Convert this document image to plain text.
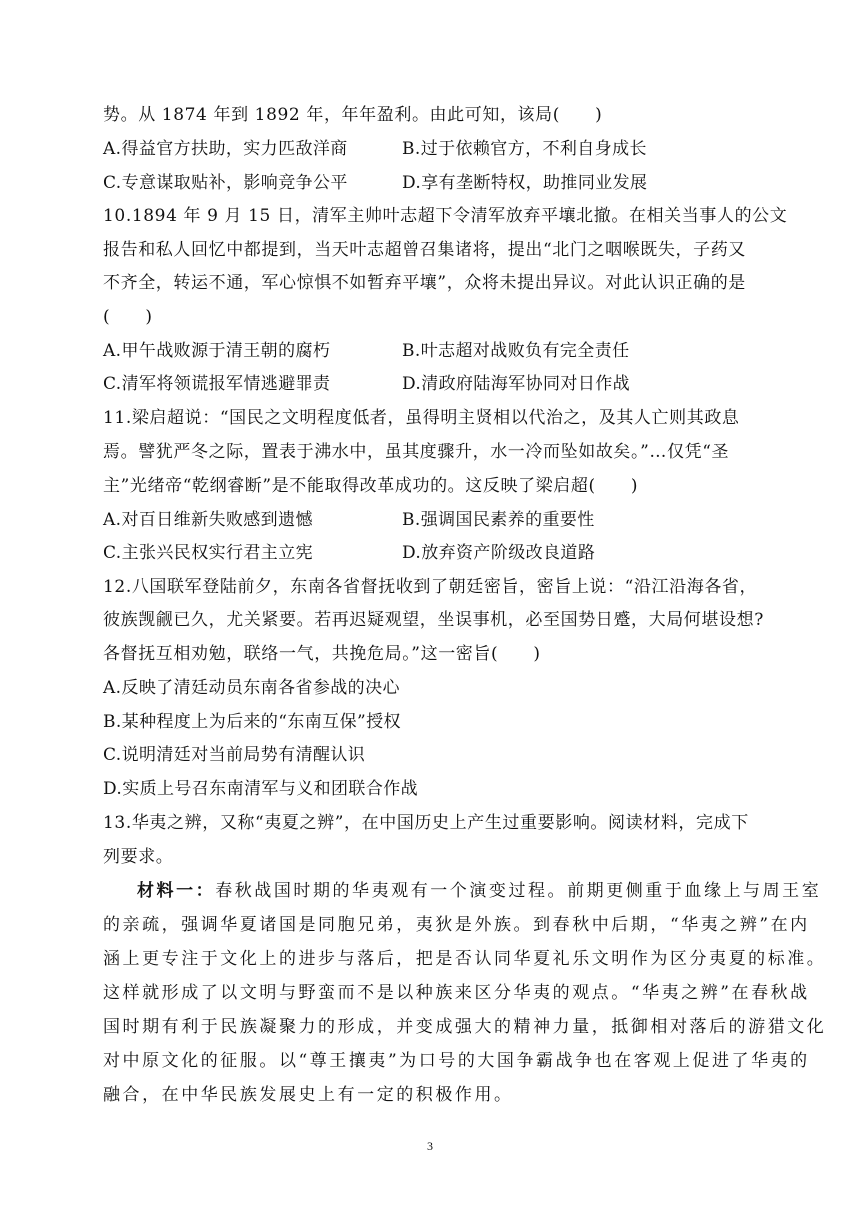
势。从 1874 年到 1892 年，年年盈利。由此可知，该局(　　)
A.得益官方扶助，实力匹敌洋商	B.过于依赖官方，不利自身成长
C.专意谋取贴补，影响竞争公平	D.享有垄断特权，助推同业发展
10.1894 年 9 月 15 日，清军主帅叶志超下令清军放弃平壤北撤。在相关当事人的公文
报告和私人回忆中都提到，当天叶志超曾召集诸将，提出“北门之咽喉既失，子药又
不齐全，转运不通，军心惊惧不如暂弃平壤”，众将未提出异议。对此认识正确的是
(　　)
A.甲午战败源于清王朝的腐朽	B.叶志超对战败负有完全责任
C.清军将领谎报军情逃避罪责	D.清政府陆海军协同对日作战
11.梁启超说：“国民之文明程度低者，虽得明主贤相以代治之，及其人亡则其政息
焉。譬犹严冬之际，置表于沸水中，虽其度骤升，水一冷而坠如故矣。”…仅凭“圣
主”光绪帝“乾纲睿断”是不能取得改革成功的。这反映了梁启超(　　)
A.对百日维新失败感到遗憾	B.强调国民素养的重要性
C.主张兴民权实行君主立宪	D.放弃资产阶级改良道路
12.八国联军登陆前夕，东南各省督抚收到了朝廷密旨，密旨上说：“沿江沿海各省，
彼族觊觎已久，尤关紧要。若再迟疑观望，坐误事机，必至国势日蹙，大局何堪设想?
各督抚互相劝勉，联络一气，共挽危局。”这一密旨(　　)
A.反映了清廷动员东南各省参战的决心
B.某种程度上为后来的“东南互保”授权
C.说明清廷对当前局势有清醒认识
D.实质上号召东南清军与义和团联合作战
13.华夷之辨，又称“夷夏之辨”，在中国历史上产生过重要影响。阅读材料，完成下
列要求。
材料一：春秋战国时期的华夷观有一个演变过程。前期更侧重于血缘上与周王室
的亲疏，强调华夏诸国是同胞兄弟，夷狄是外族。到春秋中后期，“华夷之辨”在内
涵上更专注于文化上的进步与落后，把是否认同华夏礼乐文明作为区分夷夏的标准。
这样就形成了以文明与野蛮而不是以种族来区分华夷的观点。“华夷之辨”在春秋战
国时期有利于民族凝聚力的形成，并变成强大的精神力量，抵御相对落后的游猎文化
对中原文化的征服。以“尊王攘夷”为口号的大国争霸战争也在客观上促进了华夷的
融合，在中华民族发展史上有一定的积极作用。
3
